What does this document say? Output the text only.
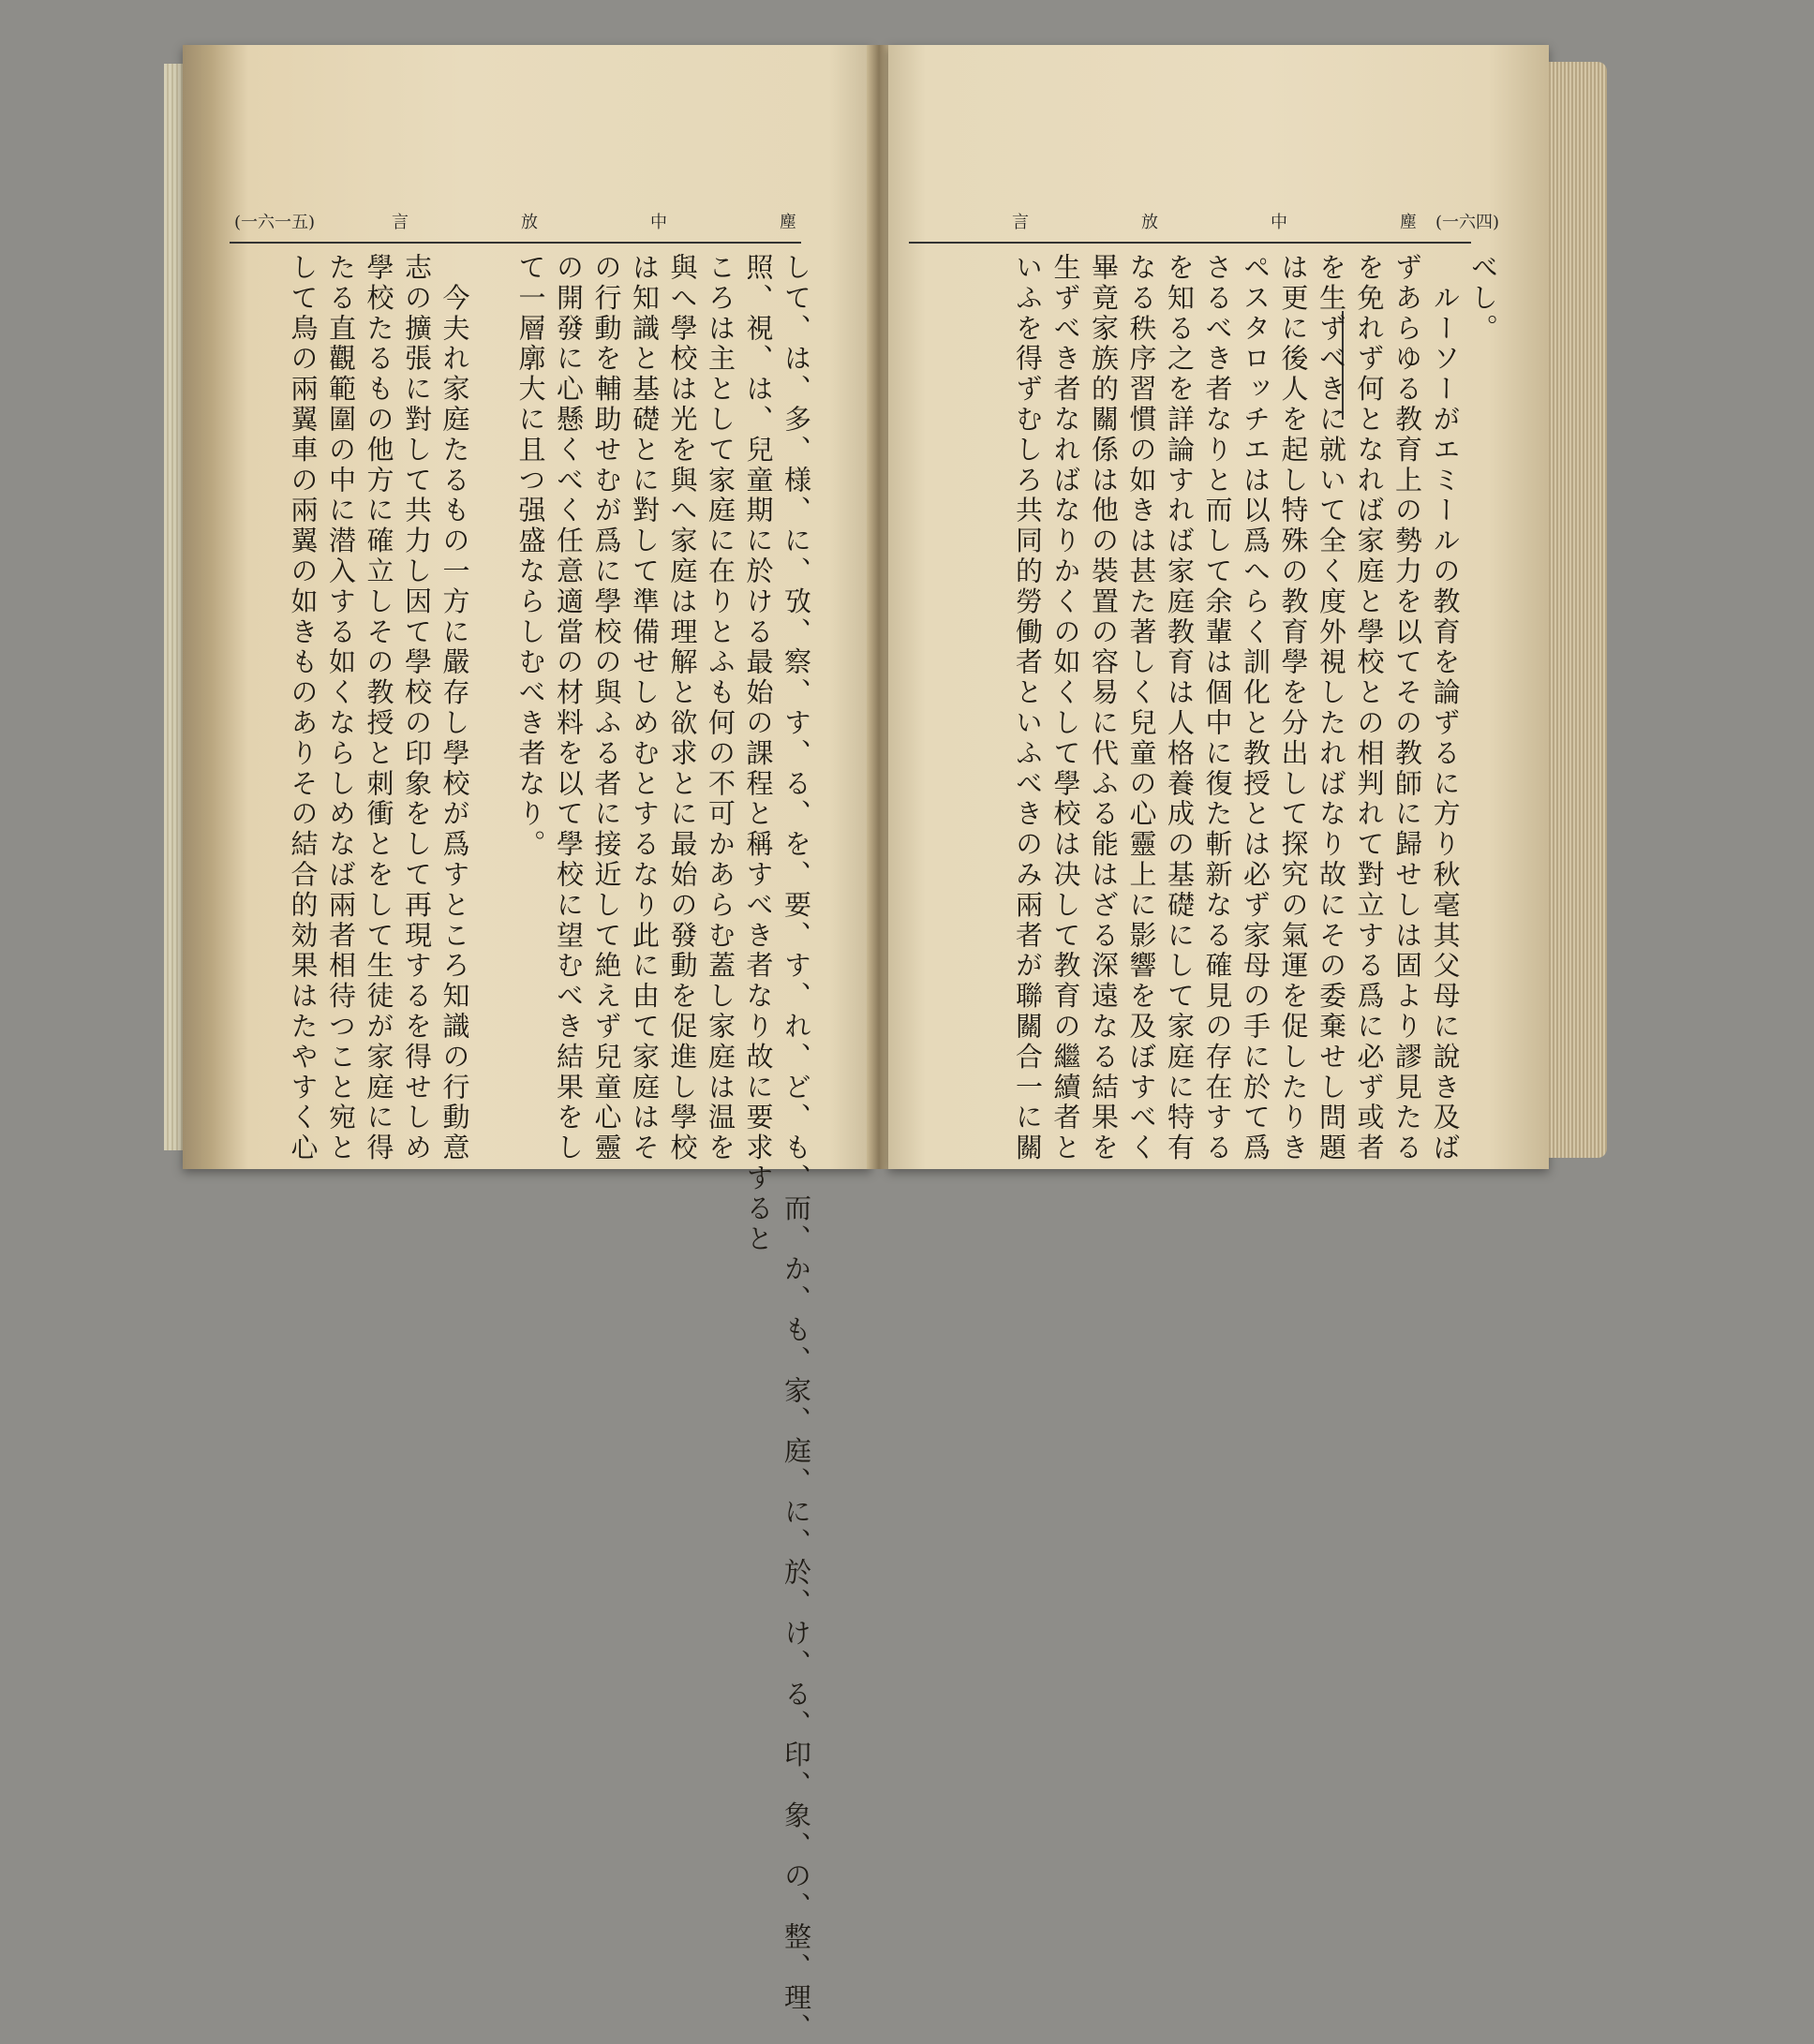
(一六一五)	言	放	中	塵
して、は、多、様、に、攷、察、す、る、を、要、す、れ、ど、も、而、か、も、家、庭、に、於、け、る、印、象、の、整、理、
照、視、は、兒童期に於ける最始の課程と稱すべき者なり故に要求すると
ころは主として家庭に在りとふも何の不可かあらむ蓋し家庭は温を
與へ學校は光を與へ家庭は理解と欲求とに最始の發動を促進し學校
は知識と基礎とに對して準備せしめむとするなり此に由て家庭はそ
の行動を輔助せむが爲に學校の與ふる者に接近して絶えず兒童心靈
の開發に心懸くべく任意適當の材料を以て學校に望むべき結果をし
て一層廓大に且つ强盛ならしむべき者なり。

　今夫れ家庭たるもの一方に嚴存し學校が爲すところ知識の行動意
志の擴張に對して共力し因て學校の印象をして再現するを得せしめ
學校たるもの他方に確立しその教授と刺衝とをして生徒が家庭に得
たる直觀範圍の中に潜入する如くならしめなば兩者相待つこと宛と
して鳥の兩翼車の兩翼の如きものありその結合的効果はたやすく心
言	放	中	塵 (一六四)
べし。
　ルーソーがエミールの教育を論ずるに方り秋毫其父母に說き及ば
ずあらゆる教育上の勢力を以てその教師に歸せしは固より謬見たる
を免れず何となれば家庭と學校との相判れて對立する爲に必ず或者
を生ずべきに就いて全く度外視したればなり故にその委棄せし問題
は更に後人を起し特殊の教育學を分出して探究の氣運を促したりき
ペスタロッチエは以爲へらく訓化と教授とは必ず家母の手に於て爲
さるべき者なりと而して余輩は個中に復た斬新なる確見の存在する
を知る之を詳論すれば家庭教育は人格養成の基礎にして家庭に特有
なる秩序習慣の如きは甚た著しく兒童の心靈上に影響を及ぼすべく
畢竟家族的關係は他の裝置の容易に代ふる能はざる深遠なる結果を
生ずべき者なればなりかくの如くして學校は决して教育の繼續者と
いふを得ずむしろ共同的勞働者といふべきのみ兩者が聯關合一に關
